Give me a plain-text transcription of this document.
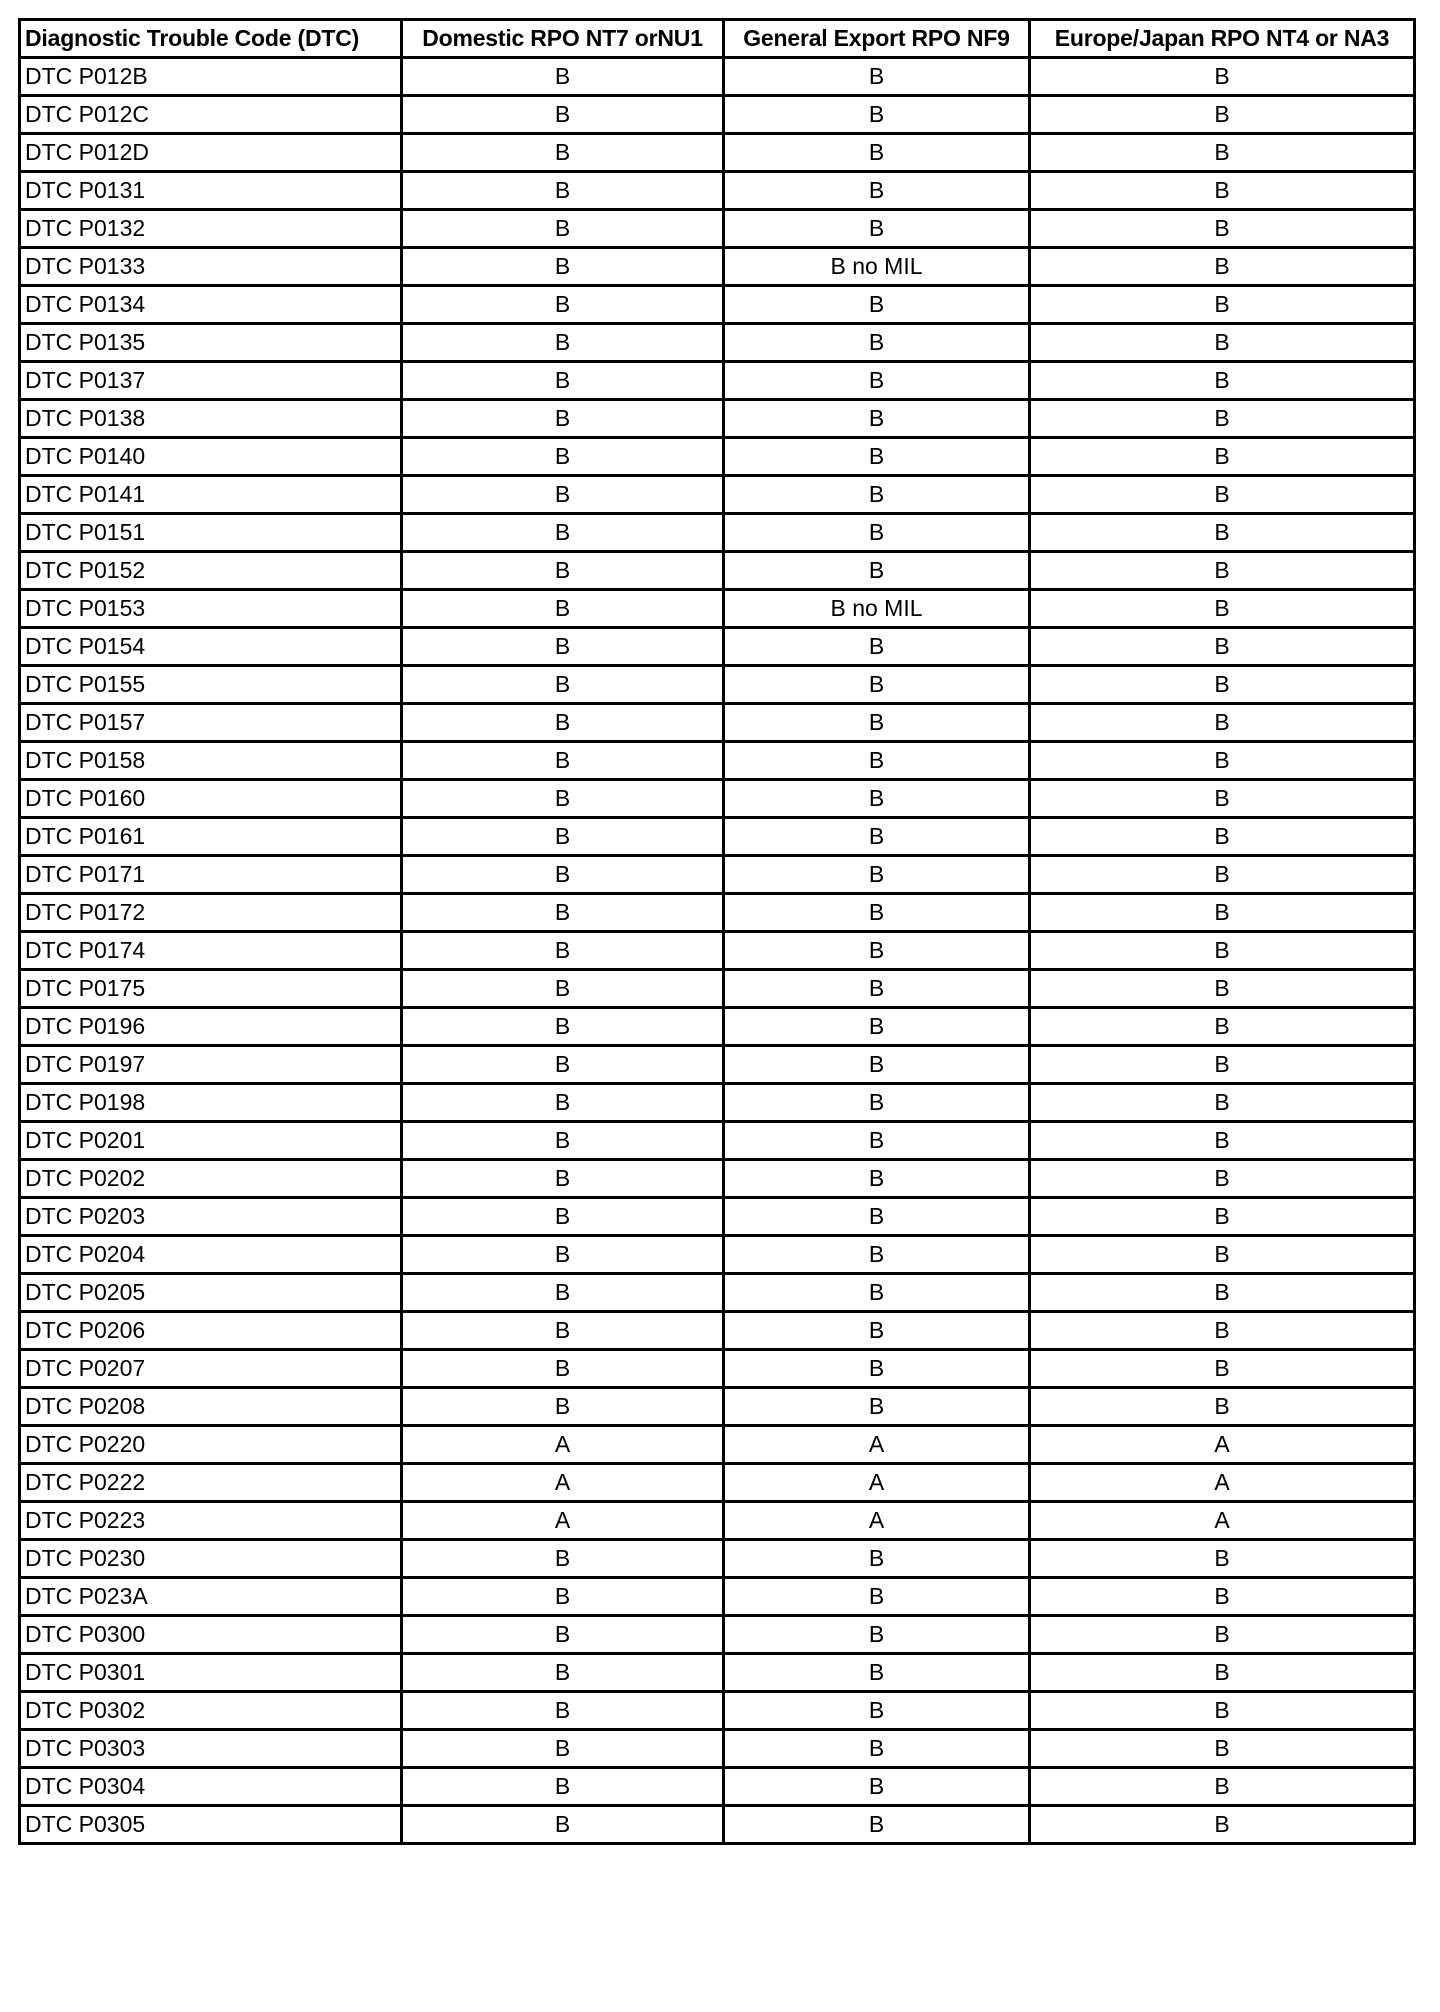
Diagnostic Trouble Code (DTC)	Domestic RPO NT7 orNU1	General Export RPO NF9	Europe/Japan RPO NT4 or NA3
DTC P012B	B	B	B
DTC P012C	B	B	B
DTC P012D	B	B	B
DTC P0131	B	B	B
DTC P0132	B	B	B
DTC P0133	B	B no MIL	B
DTC P0134	B	B	B
DTC P0135	B	B	B
DTC P0137	B	B	B
DTC P0138	B	B	B
DTC P0140	B	B	B
DTC P0141	B	B	B
DTC P0151	B	B	B
DTC P0152	B	B	B
DTC P0153	B	B no MIL	B
DTC P0154	B	B	B
DTC P0155	B	B	B
DTC P0157	B	B	B
DTC P0158	B	B	B
DTC P0160	B	B	B
DTC P0161	B	B	B
DTC P0171	B	B	B
DTC P0172	B	B	B
DTC P0174	B	B	B
DTC P0175	B	B	B
DTC P0196	B	B	B
DTC P0197	B	B	B
DTC P0198	B	B	B
DTC P0201	B	B	B
DTC P0202	B	B	B
DTC P0203	B	B	B
DTC P0204	B	B	B
DTC P0205	B	B	B
DTC P0206	B	B	B
DTC P0207	B	B	B
DTC P0208	B	B	B
DTC P0220	A	A	A
DTC P0222	A	A	A
DTC P0223	A	A	A
DTC P0230	B	B	B
DTC P023A	B	B	B
DTC P0300	B	B	B
DTC P0301	B	B	B
DTC P0302	B	B	B
DTC P0303	B	B	B
DTC P0304	B	B	B
DTC P0305	B	B	B
